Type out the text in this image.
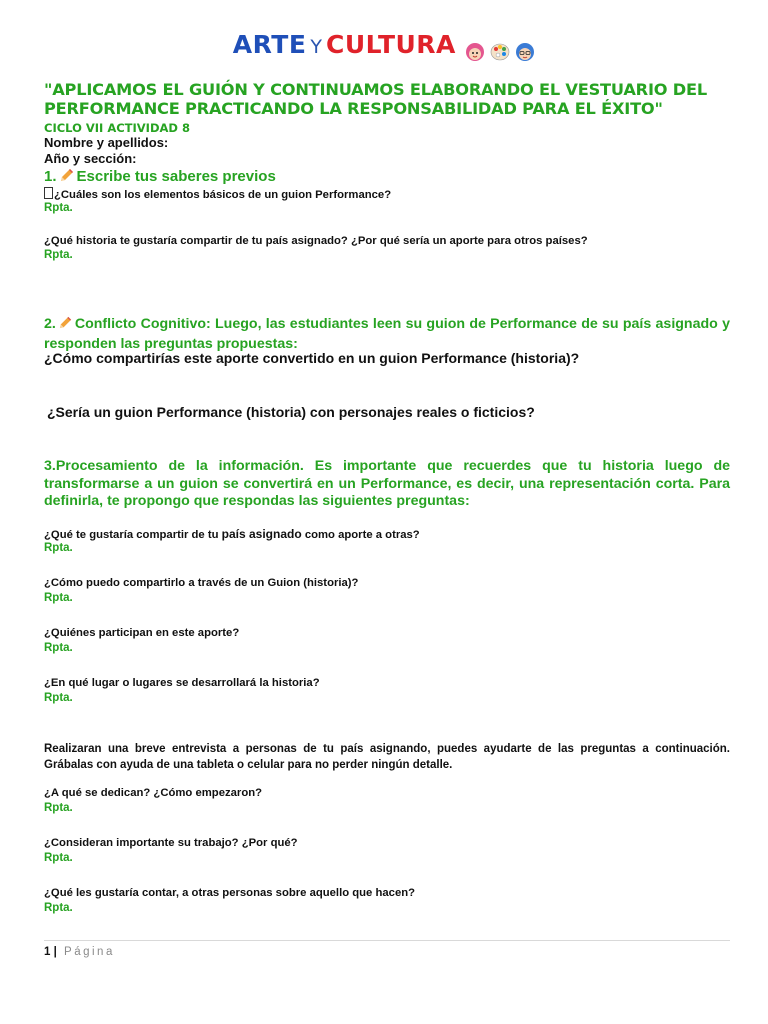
ARTE Y CULTURA
"APLICAMOS EL GUIÓN Y CONTINUAMOS ELABORANDO EL VESTUARIO DEL PERFORMANCE PRACTICANDO LA RESPONSABILIDAD PARA EL ÉXITO"
CICLO VII ACTIVIDAD 8
Nombre y apellidos:
Año y sección:
1. Escribe tus saberes previos
¿Cuáles son los elementos básicos de un guion Performance?
Rpta.
¿Qué historia te gustaría compartir de tu país asignado? ¿Por qué sería un aporte para otros países?
Rpta.
2. Conflicto Cognitivo: Luego, las estudiantes leen su guion de Performance de su país asignado y responden las preguntas propuestas:
¿Cómo compartirías este aporte convertido en un guion Performance (historia)?
¿Sería un guion Performance (historia) con personajes reales o ficticios?
3.Procesamiento de la información. Es importante que recuerdes que tu historia luego de transformarse a un guion se convertirá en un Performance, es decir, una representación corta. Para definirla, te propongo que respondas las siguientes preguntas:
¿Qué te gustaría compartir de tu país asignado como aporte a otras?
Rpta.
¿Cómo puedo compartirlo a través de un Guion (historia)?
Rpta.
¿Quiénes participan en este aporte?
Rpta.
¿En qué lugar o lugares se desarrollará la historia?
Rpta.
Realizaran una breve entrevista a personas de tu país asignando, puedes ayudarte de las preguntas a continuación. Grábalas con ayuda de una tableta o celular para no perder ningún detalle.
¿A qué se dedican? ¿Cómo empezaron?
Rpta.
¿Consideran importante su trabajo? ¿Por qué?
Rpta.
¿Qué les gustaría contar, a otras personas sobre aquello que hacen?
Rpta.
1 | Página
